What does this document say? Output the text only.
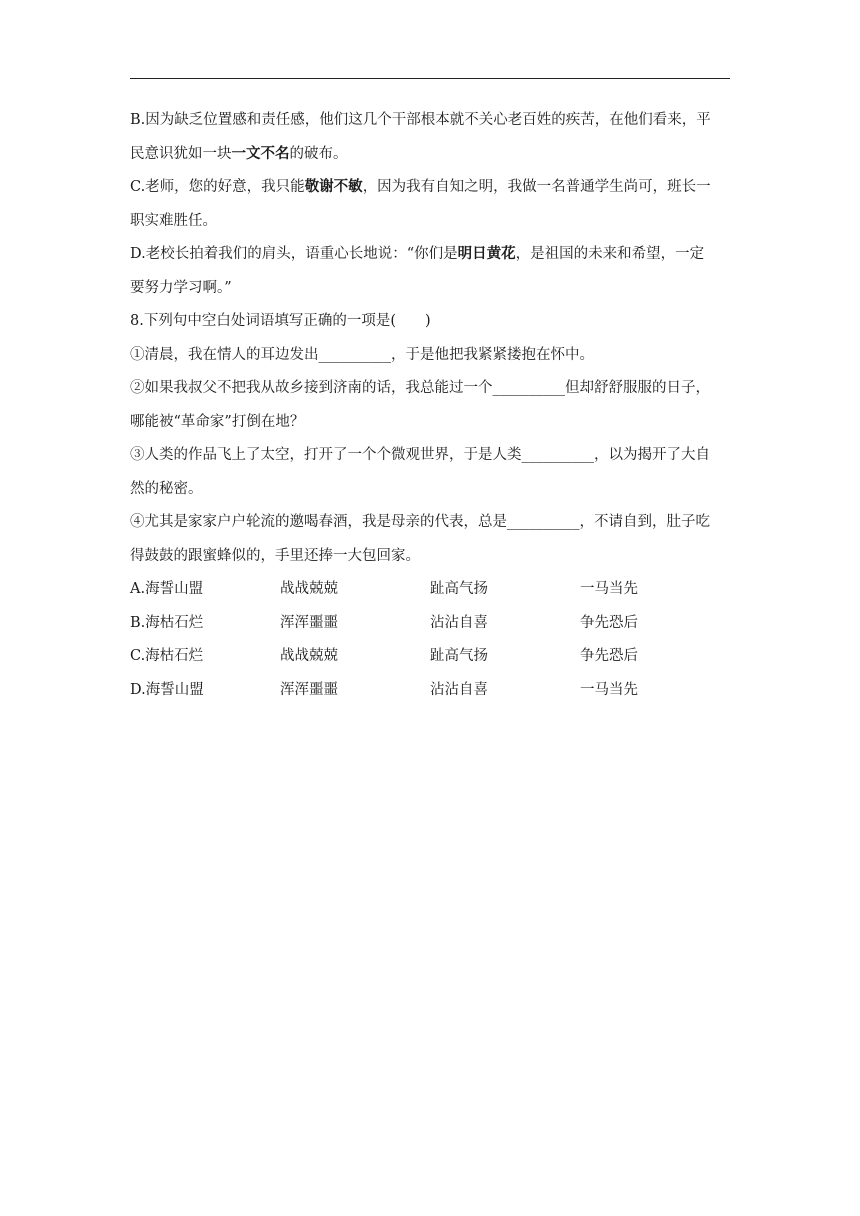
B.因为缺乏位置感和责任感，他们这几个干部根本就不关心老百姓的疾苦，在他们看来，平
民意识犹如一块一文不名的破布。
C.老师，您的好意，我只能敬谢不敏，因为我有自知之明，我做一名普通学生尚可，班长一
职实难胜任。
D.老校长拍着我们的肩头，语重心长地说：“你们是明日黄花，是祖国的未来和希望，一定
要努力学习啊。”
8.下列句中空白处词语填写正确的一项是(　　)
①清晨，我在情人的耳边发出__________，于是他把我紧紧搂抱在怀中。
②如果我叔父不把我从故乡接到济南的话，我总能过一个__________但却舒舒服服的日子，
哪能被“革命家”打倒在地？
③人类的作品飞上了太空，打开了一个个微观世界，于是人类__________，以为揭开了大自
然的秘密。
④尤其是家家户户轮流的邀喝春酒，我是母亲的代表，总是__________，不请自到，肚子吃
得鼓鼓的跟蜜蜂似的，手里还捧一大包回家。
A.海誓山盟	战战兢兢	趾高气扬	一马当先
B.海枯石烂	浑浑噩噩	沾沾自喜	争先恐后
C.海枯石烂	战战兢兢	趾高气扬	争先恐后
D.海誓山盟	浑浑噩噩	沾沾自喜	一马当先
